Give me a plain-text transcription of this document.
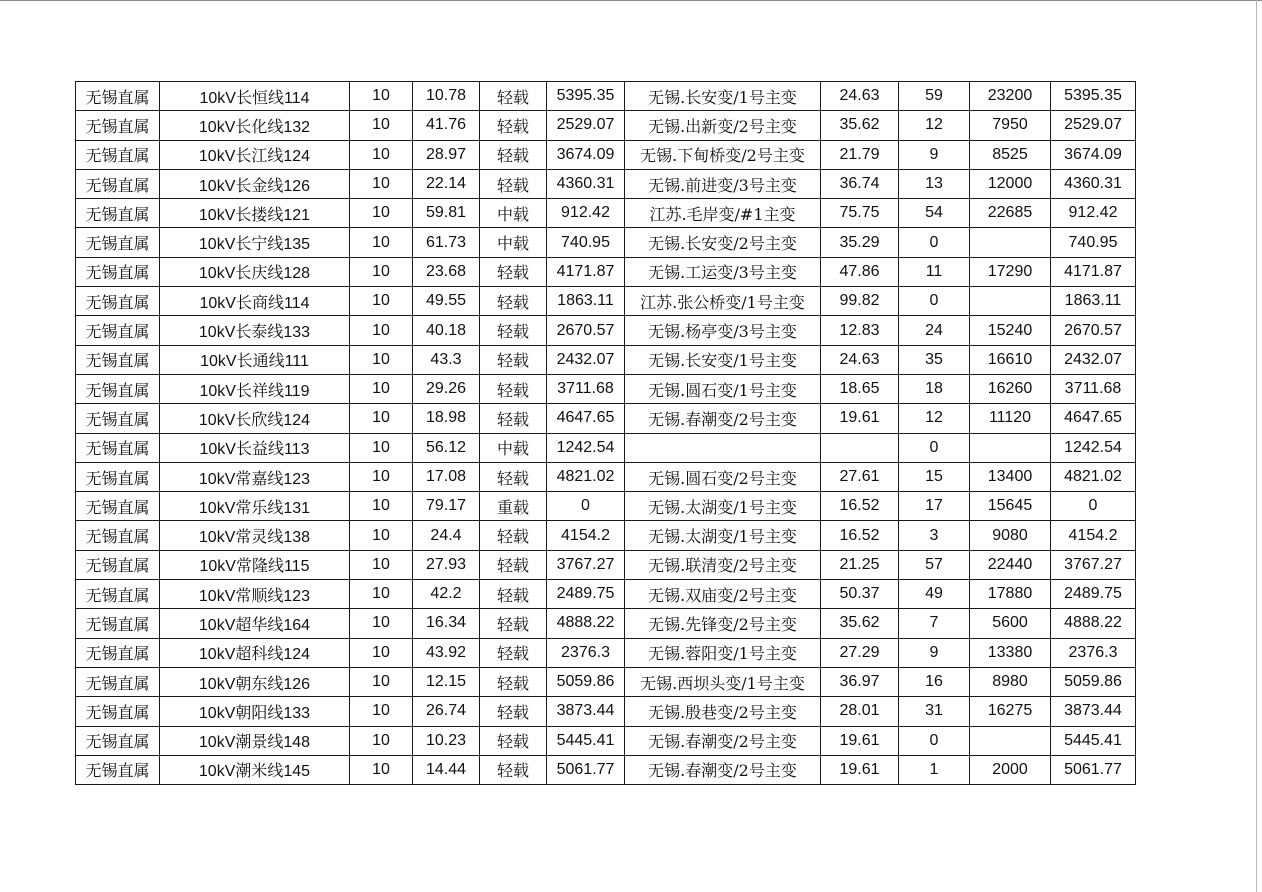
无锡直属	10kV长恒线114	10	10.78	轻载	5395.35	无锡.长安变/1号主变	24.63	59	23200	5395.35
无锡直属	10kV长化线132	10	41.76	轻载	2529.07	无锡.出新变/2号主变	35.62	12	7950	2529.07
无锡直属	10kV长江线124	10	28.97	轻载	3674.09	无锡.下甸桥变/2号主变	21.79	9	8525	3674.09
无锡直属	10kV长金线126	10	22.14	轻载	4360.31	无锡.前进变/3号主变	36.74	13	12000	4360.31
无锡直属	10kV长搂线121	10	59.81	中载	912.42	江苏.毛岸变/#1主变	75.75	54	22685	912.42
无锡直属	10kV长宁线135	10	61.73	中载	740.95	无锡.长安变/2号主变	35.29	0		740.95
无锡直属	10kV长庆线128	10	23.68	轻载	4171.87	无锡.工运变/3号主变	47.86	11	17290	4171.87
无锡直属	10kV长商线114	10	49.55	轻载	1863.11	江苏.张公桥变/1号主变	99.82	0		1863.11
无锡直属	10kV长泰线133	10	40.18	轻载	2670.57	无锡.杨亭变/3号主变	12.83	24	15240	2670.57
无锡直属	10kV长通线111	10	43.3	轻载	2432.07	无锡.长安变/1号主变	24.63	35	16610	2432.07
无锡直属	10kV长祥线119	10	29.26	轻载	3711.68	无锡.圆石变/1号主变	18.65	18	16260	3711.68
无锡直属	10kV长欣线124	10	18.98	轻载	4647.65	无锡.春潮变/2号主变	19.61	12	11120	4647.65
无锡直属	10kV长益线113	10	56.12	中载	1242.54			0		1242.54
无锡直属	10kV常嘉线123	10	17.08	轻载	4821.02	无锡.圆石变/2号主变	27.61	15	13400	4821.02
无锡直属	10kV常乐线131	10	79.17	重载	0	无锡.太湖变/1号主变	16.52	17	15645	0
无锡直属	10kV常灵线138	10	24.4	轻载	4154.2	无锡.太湖变/1号主变	16.52	3	9080	4154.2
无锡直属	10kV常隆线115	10	27.93	轻载	3767.27	无锡.联清变/2号主变	21.25	57	22440	3767.27
无锡直属	10kV常顺线123	10	42.2	轻载	2489.75	无锡.双庙变/2号主变	50.37	49	17880	2489.75
无锡直属	10kV超华线164	10	16.34	轻载	4888.22	无锡.先锋变/2号主变	35.62	7	5600	4888.22
无锡直属	10kV超科线124	10	43.92	轻载	2376.3	无锡.蓉阳变/1号主变	27.29	9	13380	2376.3
无锡直属	10kV朝东线126	10	12.15	轻载	5059.86	无锡.西坝头变/1号主变	36.97	16	8980	5059.86
无锡直属	10kV朝阳线133	10	26.74	轻载	3873.44	无锡.殷巷变/2号主变	28.01	31	16275	3873.44
无锡直属	10kV潮景线148	10	10.23	轻载	5445.41	无锡.春潮变/2号主变	19.61	0		5445.41
无锡直属	10kV潮米线145	10	14.44	轻载	5061.77	无锡.春潮变/2号主变	19.61	1	2000	5061.77
